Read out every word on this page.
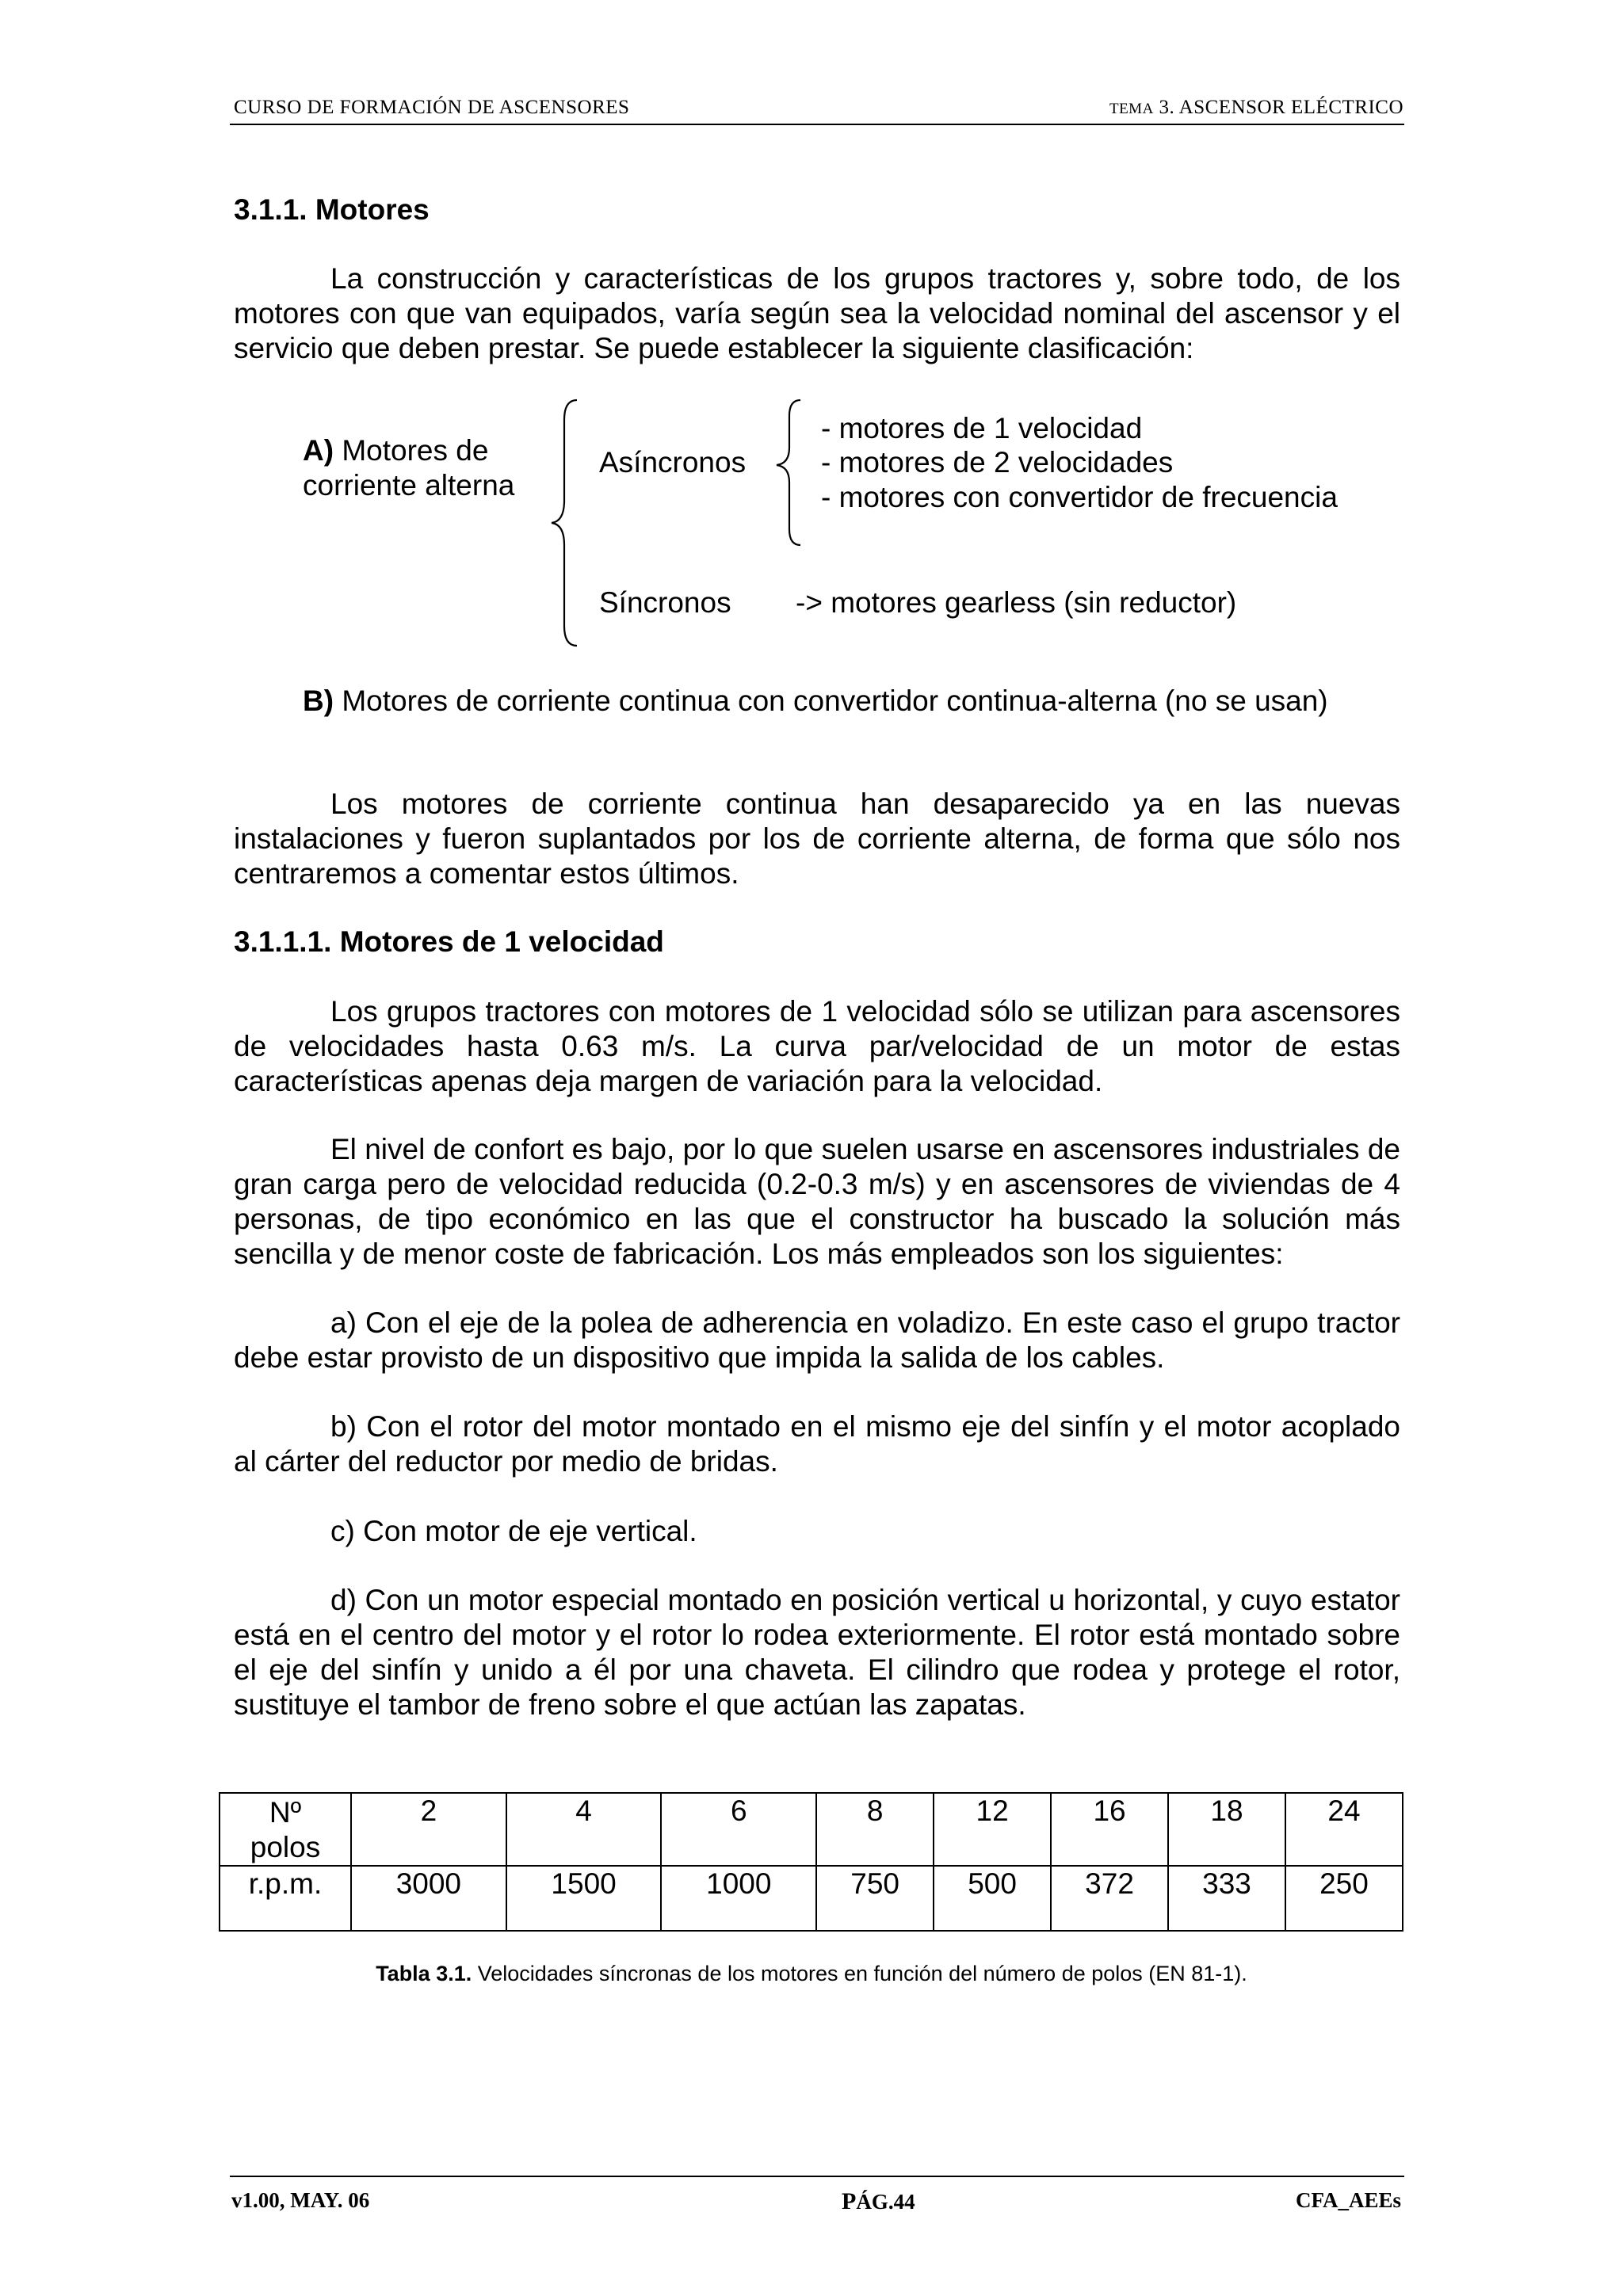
CURSO DE FORMACIÓN DE ASCENSORES	TEMA 3. ASCENSOR ELÉCTRICO
3.1.1. Motores
La construcción y características de los grupos tractores y, sobre todo, de los motores con que van equipados, varía según sea la velocidad nominal del ascensor y el servicio que deben prestar. Se puede establecer la siguiente clasificación:
A) Motores de
corriente alterna
Asíncronos
- motores de 1 velocidad
- motores de 2 velocidades
- motores con convertidor de frecuencia
Síncronos -> motores gearless (sin reductor)
B) Motores de corriente continua con convertidor continua-alterna (no se usan)
Los motores de corriente continua han desaparecido ya en las nuevas instalaciones y fueron suplantados por los de corriente alterna, de forma que sólo nos centraremos a comentar estos últimos.
3.1.1.1. Motores de 1 velocidad
Los grupos tractores con motores de 1 velocidad sólo se utilizan para ascensores de velocidades hasta 0.63 m/s. La curva par/velocidad de un motor de estas características apenas deja margen de variación para la velocidad.
El nivel de confort es bajo, por lo que suelen usarse en ascensores industriales de gran carga pero de velocidad reducida (0.2-0.3 m/s) y en ascensores de viviendas de 4 personas, de tipo económico en las que el constructor ha buscado la solución más sencilla y de menor coste de fabricación. Los más empleados son los siguientes:
a) Con el eje de la polea de adherencia en voladizo. En este caso el grupo tractor debe estar provisto de un dispositivo que impida la salida de los cables.
b) Con el rotor del motor montado en el mismo eje del sinfín y el motor acoplado al cárter del reductor por medio de bridas.
c) Con motor de eje vertical.
d) Con un motor especial montado en posición vertical u horizontal, y cuyo estator está en el centro del motor y el rotor lo rodea exteriormente. El rotor está montado sobre el eje del sinfín y unido a él por una chaveta. El cilindro que rodea y protege el rotor, sustituye el tambor de freno sobre el que actúan las zapatas.
Nº
polos	2	4	6	8	12	16	18	24
r.p.m.	3000	1500	1000	750	500	372	333	250
Tabla 3.1. Velocidades síncronas de los motores en función del número de polos (EN 81-1).
v1.00, MAY. 06	PÁG.44	CFA_AEEs
